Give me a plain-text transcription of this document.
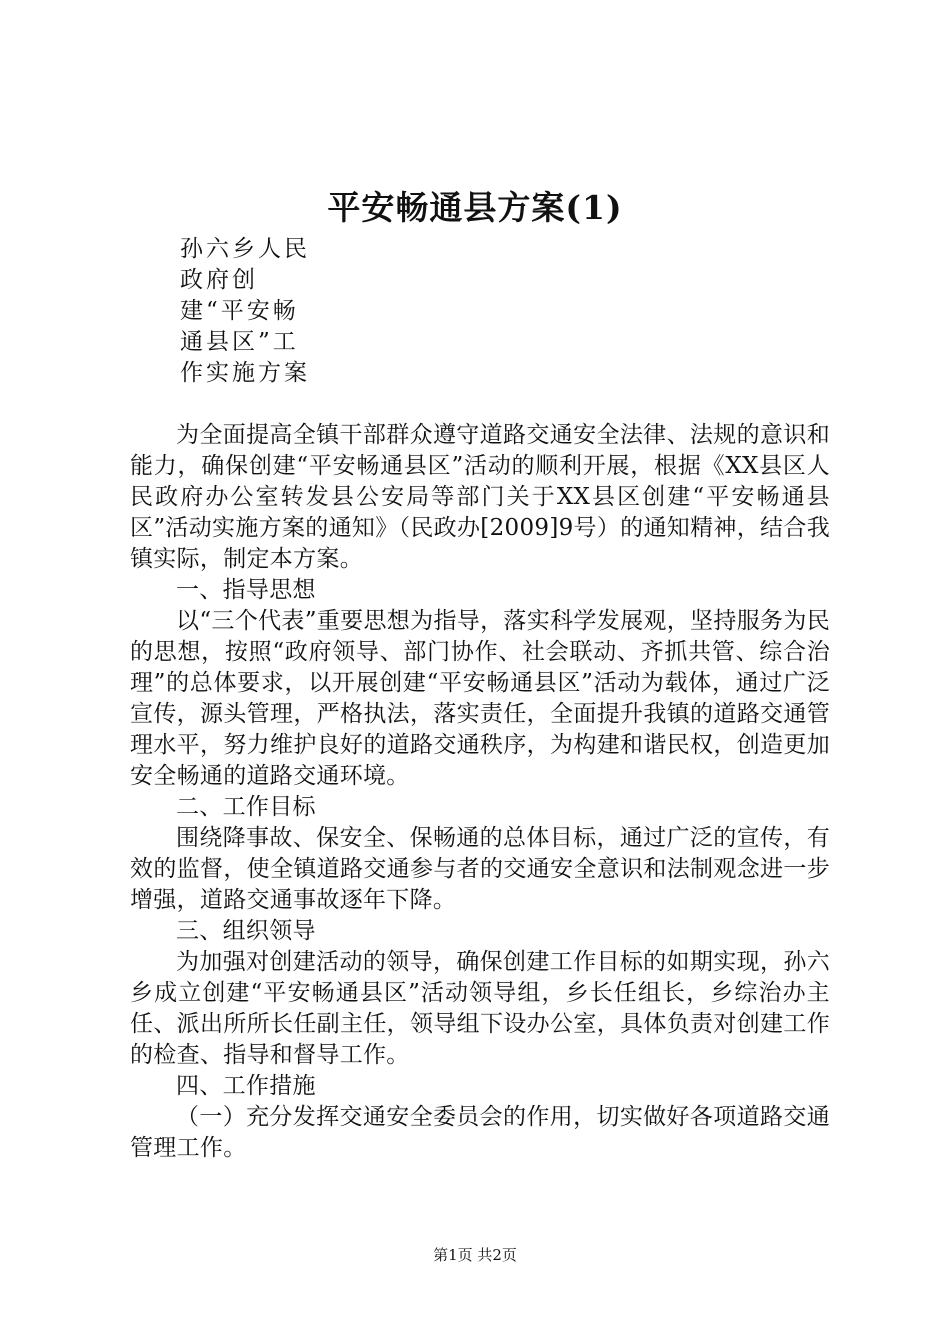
平安畅通县方案(1)
孙六乡人民政府创建“平安畅通县区”工作实施方案

为全面提高全镇干部群众遵守道路交通安全法律、法规的意识和能力，确保创建“平安畅通县区”活动的顺利开展，根据《XX县区人民政府办公室转发县公安局等部门关于XX县区创建“平安畅通县区”活动实施方案的通知》（民政办[2009]9号）的通知精神，结合我镇实际，制定本方案。

一、指导思想

以“三个代表”重要思想为指导，落实科学发展观，坚持服务为民的思想，按照“政府领导、部门协作、社会联动、齐抓共管、综合治理”的总体要求，以开展创建“平安畅通县区”活动为载体，通过广泛宣传，源头管理，严格执法，落实责任，全面提升我镇的道路交通管理水平，努力维护良好的道路交通秩序，为构建和谐民权，创造更加安全畅通的道路交通环境。

二、工作目标

围绕降事故、保安全、保畅通的总体目标，通过广泛的宣传，有效的监督，使全镇道路交通参与者的交通安全意识和法制观念进一步增强，道路交通事故逐年下降。

三、组织领导

为加强对创建活动的领导，确保创建工作目标的如期实现，孙六乡成立创建“平安畅通县区”活动领导组，乡长任组长，乡综治办主任、派出所所长任副主任，领导组下设办公室，具体负责对创建工作的检查、指导和督导工作。

四、工作措施

（一）充分发挥交通安全委员会的作用，切实做好各项道路交通管理工作。

第1页 共2页
